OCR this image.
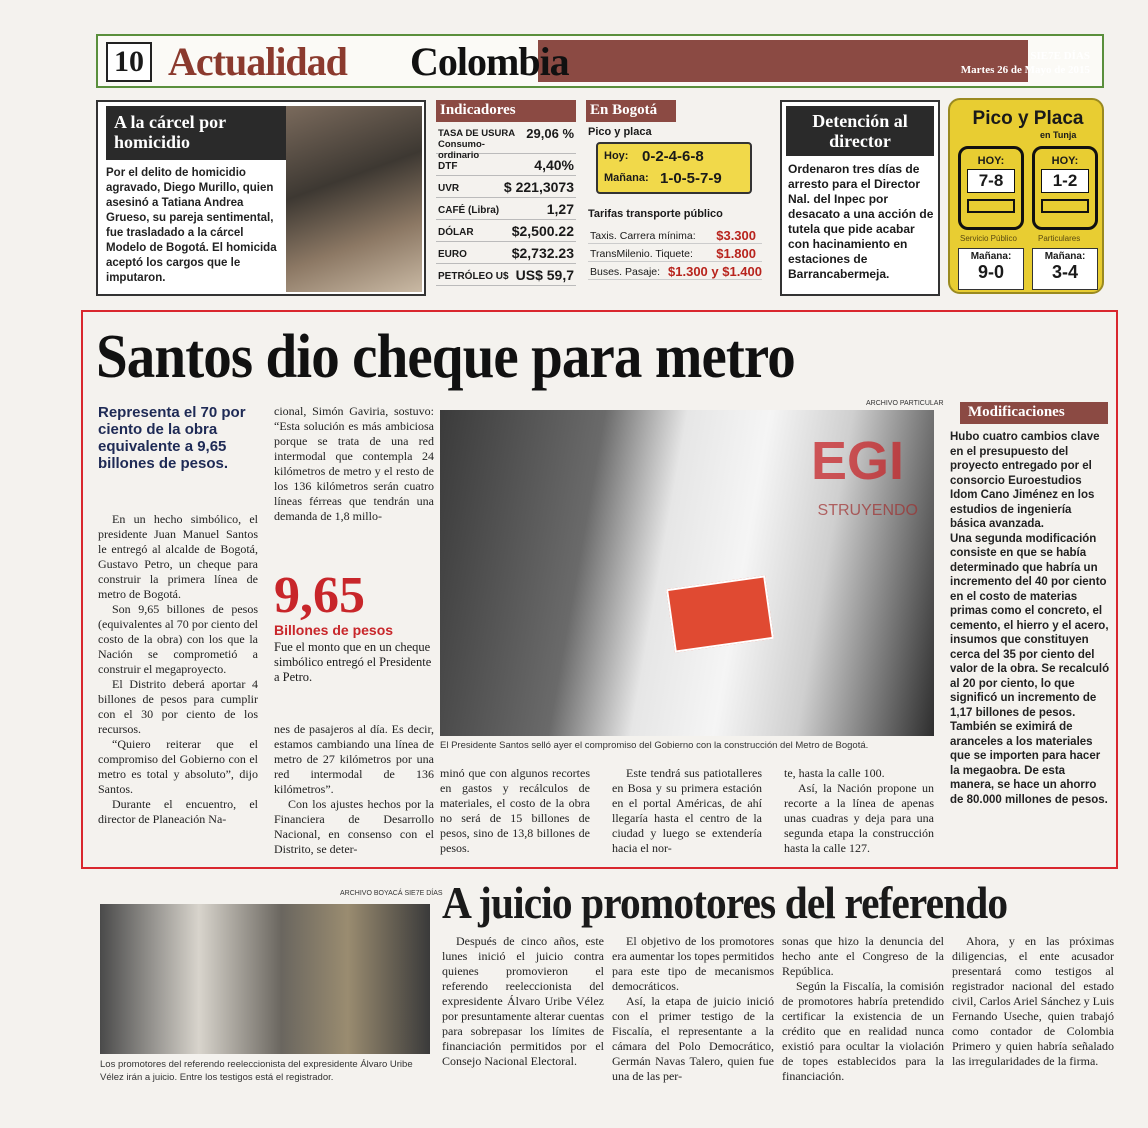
10 Actualidad Colombia	SIE7E DÍAS
Martes 26 de Mayo de 2015
A la cárcel por homicidio
Por el delito de homicidio agravado, Diego Murillo, quien asesinó a Tatiana Andrea Grueso, su pareja sentimental, fue trasladado a la cárcel Modelo de Bogotá. El homicida aceptó los cargos que le imputaron.
Indicadores
TASA DE USURA Consumo-ordinario
29,06 %
DTF	4,40%
UVR	$ 221,3073
CAFÉ (Libra)	1,27
DÓLAR	$2,500.22
EURO	$2,732.23
PETRÓLEO U$ US$ 59,7
En Bogotá
Pico y placa
Hoy: 0-2-4-6-8
Mañana: 1-0-5-7-9
Tarifas transporte público
Taxis. Carrera mínima: $3.300
TransMilenio. Tiquete: $1.800
Buses. Pasaje: $1.300 y $1.400
Detención al director
Ordenaron tres días de arresto para el Director Nal. del Inpec por desacato a una acción de tutela que pide acabar con hacinamiento en estaciones de Barrancabermeja.
Pico y Placa
en Tunja
HOY:
7-8
HOY:
1-2
Servicio Público	Particulares
Mañana:
9-0
Mañana:
3-4
Santos dio cheque para metro
Representa el 70 por ciento de la obra equivalente a 9,65 billones de pesos.

En un hecho simbólico, el presidente Juan Manuel Santos le entregó al alcalde de Bogotá, Gustavo Petro, un cheque para construir la primera línea de metro de Bogotá.

Son 9,65 billones de pesos (equivalentes al 70 por ciento del costo de la obra) con los que la Nación se comprometió a construir el megaproyecto.

El Distrito deberá aportar 4 billones de pesos para cumplir con el 30 por ciento de los recursos.

“Quiero reiterar que el compromiso del Gobierno con el metro es total y absoluto”, dijo Santos.

Durante el encuentro, el director de Planeación Na-

cional, Simón Gaviria, sostuvo: “Esta solución es más ambiciosa porque se trata de una red intermodal que contempla 24 kilómetros de metro y el resto de los 136 kilómetros serán cuatro líneas férreas que tendrán una demanda de 1,8 millo-

9,65
Billones de pesos
Fue el monto que en un cheque simbólico entregó el Presidente a Petro.

nes de pasajeros al día. Es decir, estamos cambiando una línea de metro de 27 kilómetros por una red intermodal de 136 kilómetros”.

Con los ajustes hechos por la Financiera de Desarrollo Nacional, en consenso con el Distrito, se deter-

ARCHIVO PARTICULAR
EGI
STRUYENDO
El Presidente Santos selló ayer el compromiso del Gobierno con la construcción del Metro de Bogotá.

minó que con algunos recortes en gastos y recálculos de materiales, el costo de la obra no será de 15 billones de pesos, sino de 13,8 billones de pesos.

Este tendrá sus patiotalleres en Bosa y su primera estación en el portal Américas, de ahí llegaría hasta el centro de la ciudad y luego se extendería hacia el nor-

te, hasta la calle 100.

Así, la Nación propone un recorte a la línea de apenas unas cuadras y deja para una segunda etapa la construcción hasta la calle 127.

Modificaciones

Hubo cuatro cambios clave en el presupuesto del proyecto entregado por el consorcio Euroestudios Idom Cano Jiménez en los estudios de ingeniería básica avanzada.

Una segunda modificación consiste en que se había determinado que habría un incremento del 40 por ciento en el costo de materias primas como el concreto, el cemento, el hierro y el acero, insumos que constituyen cerca del 35 por ciento del valor de la obra. Se recalculó al 20 por ciento, lo que significó un incremento de 1,17 billones de pesos.

También se eximirá de aranceles a los materiales que se importen para hacer la megaobra. De esta manera, se hace un ahorro de 80.000 millones de pesos.

ARCHIVO BOYACÁ SIE7E DÍAS
Los promotores del referendo reeleccionista del expresidente Álvaro Uribe Vélez irán a juicio. Entre los testigos está el registrador.
A juicio promotores del referendo

Después de cinco años, este lunes inició el juicio contra quienes promovieron el referendo reeleccionista del expresidente Álvaro Uribe Vélez por presuntamente alterar cuentas para sobrepasar los límites de financiación permitidos por el Consejo Nacional Electoral.

El objetivo de los promotores era aumentar los topes permitidos para este tipo de mecanismos democráticos.

Así, la etapa de juicio inició con el primer testigo de la Fiscalía, el representante a la cámara del Polo Democrático, Germán Navas Talero, quien fue una de las per-

sonas que hizo la denuncia del hecho ante el Congreso de la República.

Según la Fiscalía, la comisión de promotores habría pretendido certificar la existencia de un crédito que en realidad nunca existió para ocultar la violación de topes establecidos para la financiación.

Ahora, y en las próximas diligencias, el ente acusador presentará como testigos al registrador nacional del estado civil, Carlos Ariel Sánchez y Luis Fernando Useche, quien trabajó como contador de Colombia Primero y quien habría señalado las irregularidades de la firma.
